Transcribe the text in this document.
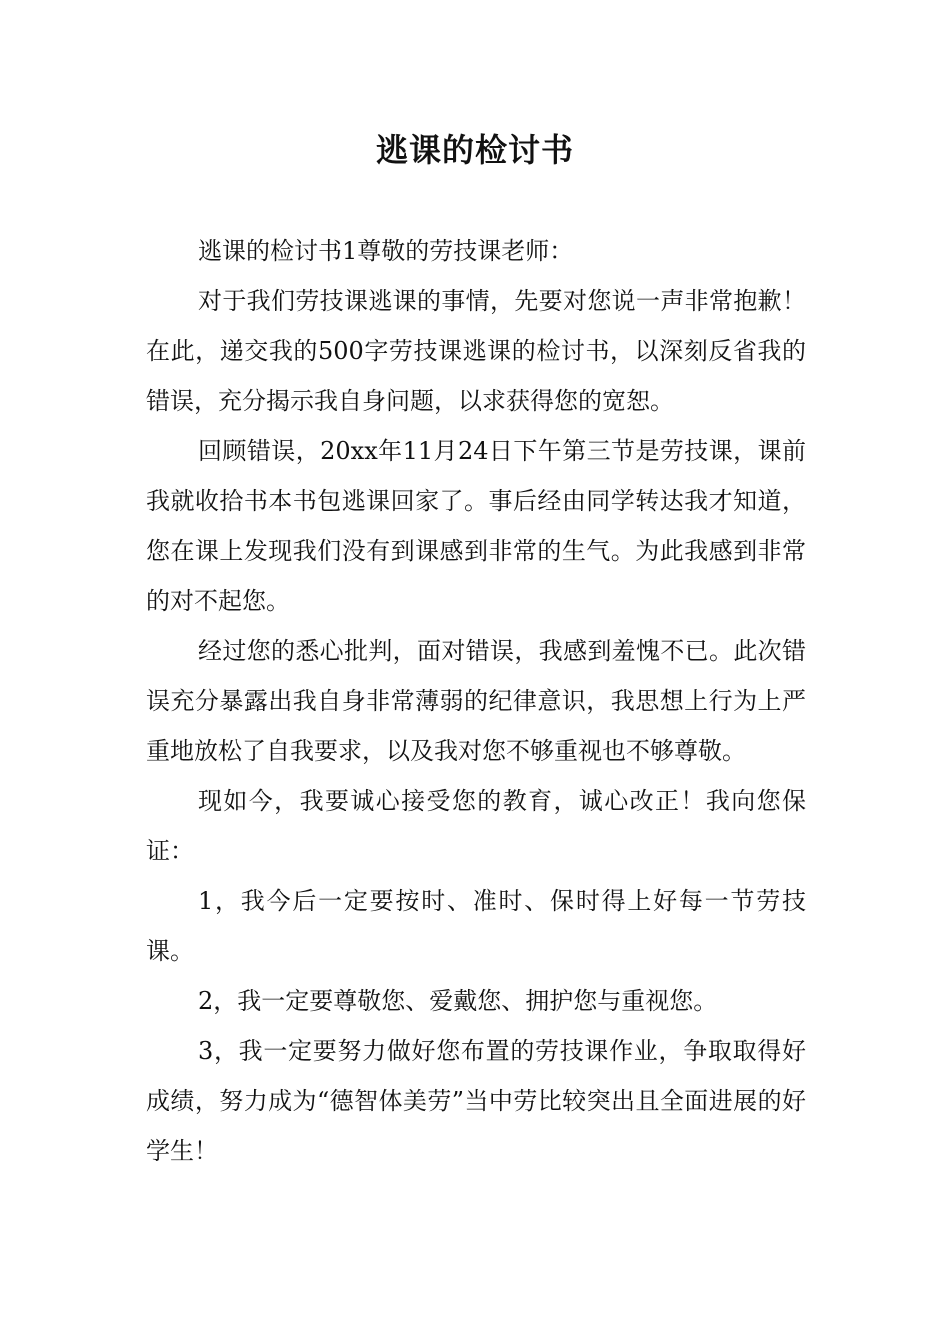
逃课的检讨书

逃课的检讨书1尊敬的劳技课老师：

对于我们劳技课逃课的事情，先要对您说一声非常抱歉！在此，递交我的500字劳技课逃课的检讨书，以深刻反省我的错误，充分揭示我自身问题，以求获得您的宽恕。

回顾错误，20xx年11月24日下午第三节是劳技课，课前我就收拾书本书包逃课回家了。事后经由同学转达我才知道，您在课上发现我们没有到课感到非常的生气。为此我感到非常的对不起您。

经过您的悉心批判，面对错误，我感到羞愧不已。此次错误充分暴露出我自身非常薄弱的纪律意识，我思想上行为上严重地放松了自我要求，以及我对您不够重视也不够尊敬。

现如今，我要诚心接受您的教育，诚心改正！我向您保证：

1，我今后一定要按时、准时、保时得上好每一节劳技课。

2，我一定要尊敬您、爱戴您、拥护您与重视您。

3，我一定要努力做好您布置的劳技课作业，争取取得好成绩，努力成为“德智体美劳”当中劳比较突出且全面进展的好学生！
